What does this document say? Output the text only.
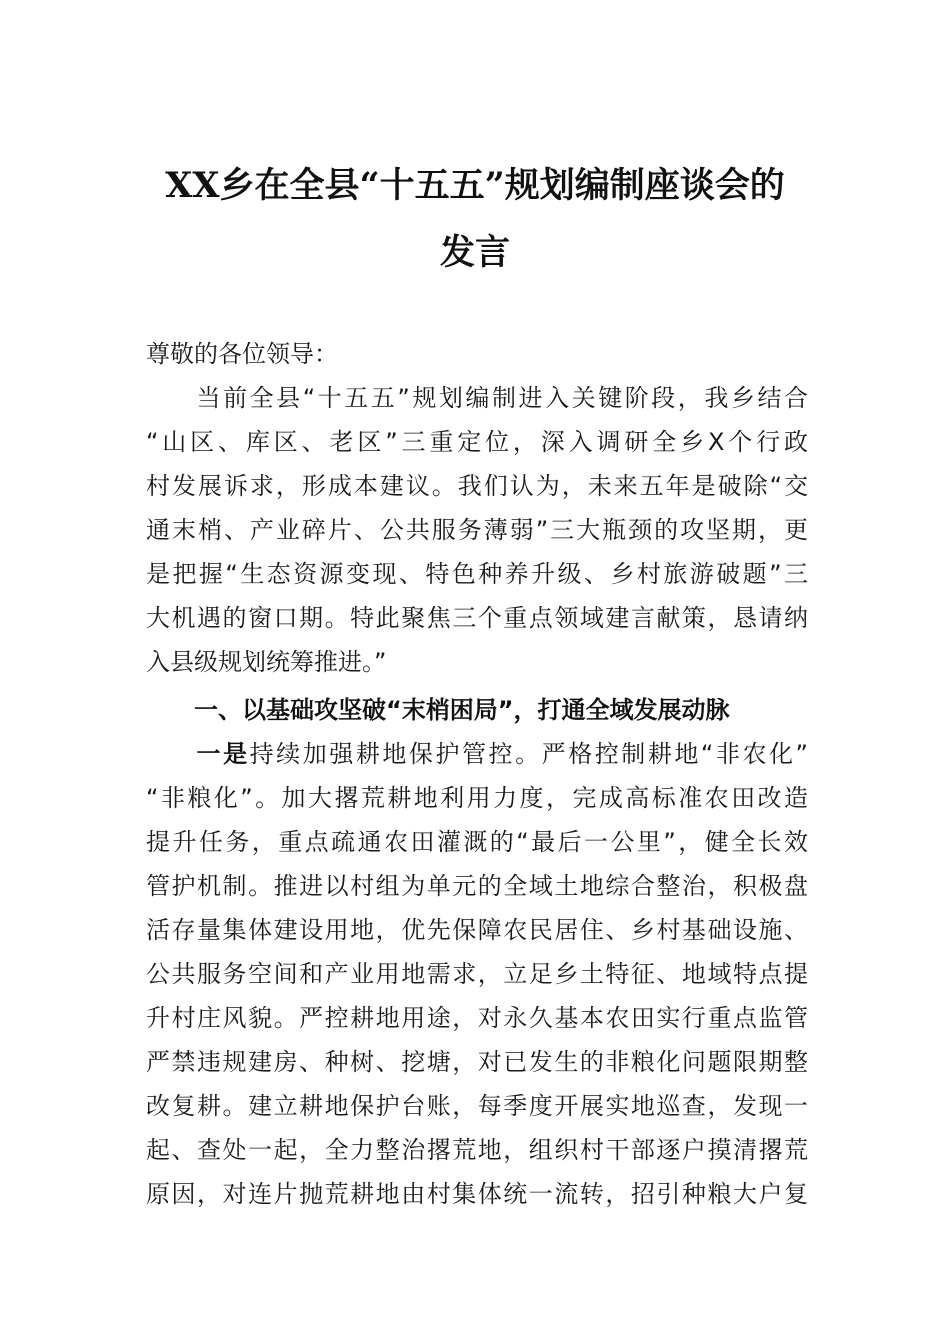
XX乡在全县“十五五”规划编制座谈会的
发言
尊敬的各位领导：
当前全县“十五五”规划编制进入关键阶段，我乡结合
“山区、库区、老区”三重定位，深入调研全乡X个行政
村发展诉求，形成本建议。我们认为，未来五年是破除“交
通末梢、产业碎片、公共服务薄弱”三大瓶颈的攻坚期，更
是把握“生态资源变现、特色种养升级、乡村旅游破题”三
大机遇的窗口期。特此聚焦三个重点领域建言献策，恳请纳
入县级规划统筹推进。”
一、以基础攻坚破“末梢困局”，打通全域发展动脉
一是持续加强耕地保护管控。严格控制耕地“非农化”
“非粮化”。加大撂荒耕地利用力度，完成高标准农田改造
提升任务，重点疏通农田灌溉的“最后一公里”，健全长效
管护机制。推进以村组为单元的全域土地综合整治，积极盘
活存量集体建设用地，优先保障农民居住、乡村基础设施、
公共服务空间和产业用地需求，立足乡土特征、地域特点提
升村庄风貌。严控耕地用途，对永久基本农田实行重点监管
严禁违规建房、种树、挖塘，对已发生的非粮化问题限期整
改复耕。建立耕地保护台账，每季度开展实地巡查，发现一
起、查处一起，全力整治撂荒地，组织村干部逐户摸清撂荒
原因，对连片抛荒耕地由村集体统一流转，招引种粮大户复
